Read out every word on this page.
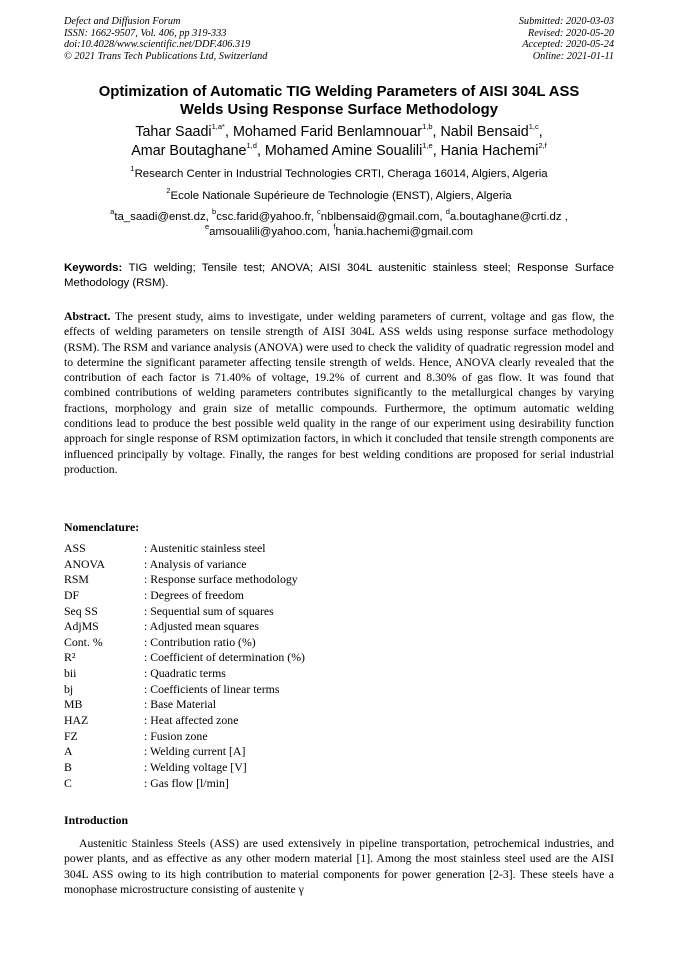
Defect and Diffusion Forum
ISSN: 1662-9507, Vol. 406, pp 319-333
doi:10.4028/www.scientific.net/DDF.406.319
© 2021 Trans Tech Publications Ltd, Switzerland
Submitted: 2020-03-03
Revised: 2020-05-20
Accepted: 2020-05-24
Online: 2021-01-11
Optimization of Automatic TIG Welding Parameters of AISI 304L ASS
Welds Using Response Surface Methodology
Tahar Saadi$^{1,a*}$, Mohamed Farid Benlamnouar$^{1,b}$, Nabil Bensaid$^{1,c}$,
Amar Boutaghane$^{1,d}$, Mohamed Amine Soualili$^{1,e}$, Hania Hachemi$^{2,f}$
$^1$Research Center in Industrial Technologies CRTI, Cheraga 16014, Algiers, Algeria
$^2$Ecole Nationale Supérieure de Technologie (ENST), Algiers, Algeria
$^a$ta_saadi@enst.dz, $^b$csc.farid@yahoo.fr, $^c$nblbensaid@gmail.com, $^d$a.boutaghane@crti.dz ,
$^e$amsoualili@yahoo.com, $^f$hania.hachemi@gmail.com
Keywords: TIG welding; Tensile test; ANOVA; AISI 304L austenitic stainless steel; Response Surface Methodology (RSM).
Abstract. The present study, aims to investigate, under welding parameters of current, voltage and gas flow, the effects of welding parameters on tensile strength of AISI 304L ASS welds using response surface methodology (RSM). The RSM and variance analysis (ANOVA) were used to check the validity of quadratic regression model and to determine the significant parameter affecting tensile strength of welds. Hence, ANOVA clearly revealed that the contribution of each factor is 71.40% of voltage, 19.2% of current and 8.30% of gas flow. It was found that combined contributions of welding parameters contributes significantly to the metallurgical changes by varying fractions, morphology and grain size of metallic compounds. Furthermore, the optimum automatic welding conditions lead to produce the best possible weld quality in the range of our experiment using desirability function approach for single response of RSM optimization factors, in which it concluded that tensile strength components are influenced principally by voltage. Finally, the ranges for best welding conditions are proposed for serial industrial production.
Nomenclature:
ASS	: Austenitic stainless steel
ANOVA	: Analysis of variance
RSM	: Response surface methodology
DF	: Degrees of freedom
Seq SS	: Sequential sum of squares
AdjMS	: Adjusted mean squares
Cont. %	: Contribution ratio (%)
R²	: Coefficient of determination (%)
bii	: Quadratic terms
bj	: Coefficients of linear terms
MB	: Base Material
HAZ	: Heat affected zone
FZ	: Fusion zone
A	: Welding current [A]
B	: Welding voltage [V]
C	: Gas flow [l/min]
Introduction
Austenitic Stainless Steels (ASS) are used extensively in pipeline transportation, petrochemical industries, and power plants, and as effective as any other modern material [1]. Among the most stainless steel used are the AISI 304L ASS owing to its high contribution to material components for power generation [2-3]. These steels have a monophase microstructure consisting of austenite γ
